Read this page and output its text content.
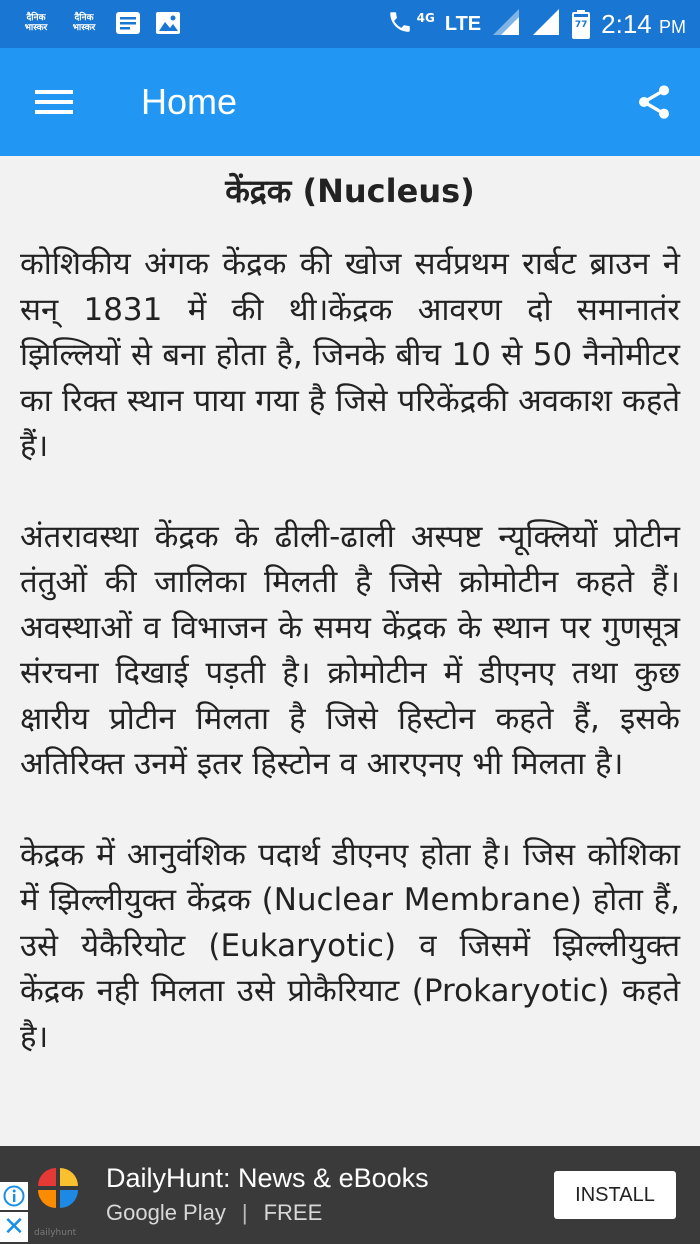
दैनिक
भास्कर
दैनिक
भास्कर
4G LTE	77 2:14 PM
Home
केंद्रक (Nucleus)

कोशिकीय अंगक केंद्रक की खोज सर्वप्रथम रार्बट ब्राउन ने सन् 1831 में की थी।केंद्रक आवरण दो समानातंर झिल्लियों से बना होता है, जिनके बीच 10 से 50 नैनोमीटर का रिक्त स्थान पाया गया है जिसे परिकेंद्रकी अवकाश कहते हैं।

अंतरावस्था केंद्रक के ढीली-ढाली अस्पष्ट न्यूक्लियों प्रोटीन तंतुओं की जालिका मिलती है जिसे क्रोमोटीन कहते हैं। अवस्थाओं व विभाजन के समय केंद्रक के स्थान पर गुणसूत्र संरचना दिखाई पड़ती है। क्रोमोटीन में डीएनए तथा कुछ क्षारीय प्रोटीन मिलता है जिसे हिस्टोन कहते हैं, इसके अतिरिक्त उनमें इतर हिस्टोन व आरएनए भी मिलता है।

केद्रक में आनुवंशिक पदार्थ डीएनए होता है। जिस कोशिका में झिल्लीयुक्त केंद्रक (Nuclear Membrane) होता हैं, उसे येकैरियोट (Eukaryotic) व जिसमें झिल्लीयुक्त केंद्रक नही मिलता उसे प्रोकैरियाट (Prokaryotic) कहते है।

✕	dailyhunt
DailyHunt: News & eBooks
Google Play | FREE
INSTALL
